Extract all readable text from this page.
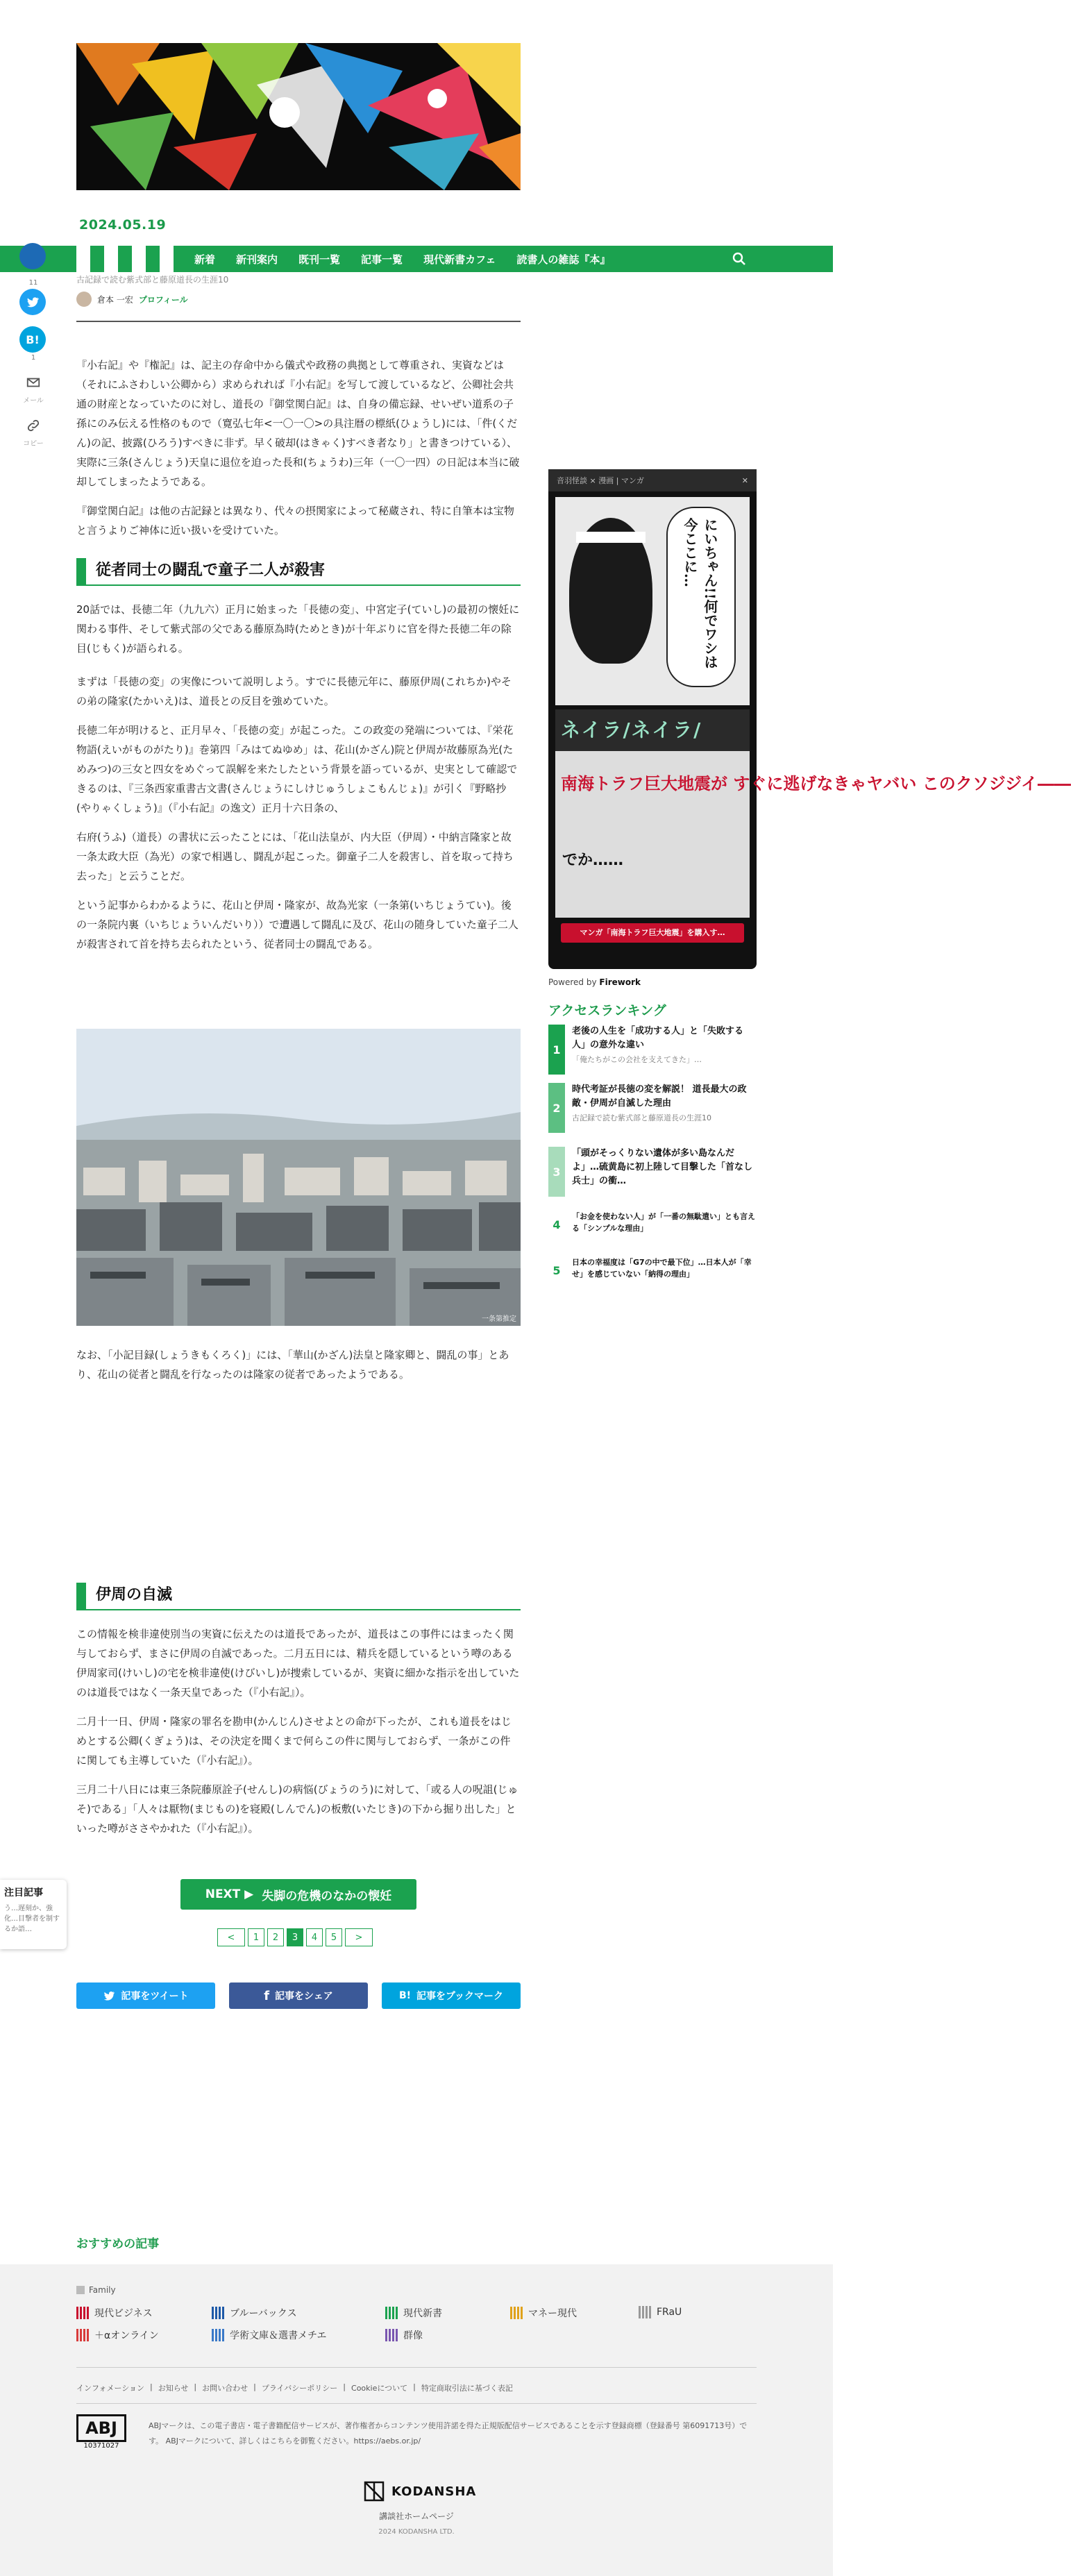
2024.05.19
新着 新刊案内 既刊一覧 記事一覧 現代新書カフェ 読書人の雑誌『本』
11
B!
1
メール
コピー
古記録で読む紫式部と藤原道長の生涯10
倉本 一宏 プロフィール

『小右記』や『権記』は、記主の存命中から儀式や政務の典拠として尊重され、実資などは（それにふさわしい公卿から）求められれば『小右記』を写して渡しているなど、公卿社会共通の財産となっていたのに対し、道長の『御堂関白記』は、自身の備忘録、せいぜい道系の子孫にのみ伝える性格のもので（寛弘七年<一〇一〇>の具注暦の標紙(ひょうし)には、「件(くだん)の記、披露(ひろう)すべきに非ず。早く破却(はきゃく)すべき者なり」と書きつけている）、実際に三条(さんじょう)天皇に退位を迫った長和(ちょうわ)三年（一〇一四）の日記は本当に破却してしまったようである。

『御堂関白記』は他の古記録とは異なり、代々の摂関家によって秘蔵され、特に自筆本は宝物と言うよりご神体に近い扱いを受けていた。

従者同士の闘乱で童子二人が殺害

20話では、長徳二年（九九六）正月に始まった「長徳の変」、中宮定子(ていし)の最初の懐妊に関わる事件、そして紫式部の父である藤原為時(ためとき)が十年ぶりに官を得た長徳二年の除目(じもく)が語られる。

まずは「長徳の変」の実像について説明しよう。すでに長徳元年に、藤原伊周(これちか)やその弟の隆家(たかいえ)は、道長との反目を強めていた。

長徳二年が明けると、正月早々、「長徳の変」が起こった。この政変の発端については、『栄花物語(えいがものがたり)』巻第四「みはてぬゆめ」は、花山(かざん)院と伊周が故藤原為光(ためみつ)の三女と四女をめぐって誤解を来たしたという背景を語っているが、史実として確認できるのは、『三条西家重書古文書(さんじょうにしけじゅうしょこもんじょ)』が引く『野略抄(やりゃくしょう)』（『小右記』の逸文）正月十六日条の、

右府(うふ)（道長）の書状に云ったことには、「花山法皇が、内大臣（伊周）・中納言隆家と故一条太政大臣（為光）の家で相遇し、闘乱が起こった。御童子二人を殺害し、首を取って持ち去った」と云うことだ。

という記事からわかるように、花山と伊周・隆家が、故為光家（一条第(いちじょうてい)。後の一条院内裏（いちじょういんだいり））で遭遇して闘乱に及び、花山の随身していた童子二人が殺害されて首を持ち去られたという、従者同士の闘乱である。

一条第推定

なお、「小記目録(しょうきもくろく)」には、「華山(かざん)法皇と隆家卿と、闘乱の事」とあり、花山の従者と闘乱を行なったのは隆家の従者であったようである。

伊周の自滅

この情報を検非違使別当の実資に伝えたのは道長であったが、道長はこの事件にはまったく関与しておらず、まさに伊周の自滅であった。二月五日には、精兵を隠しているという噂のある伊周家司(けいし)の宅を検非違使(けびいし)が捜索しているが、実資に細かな指示を出していたのは道長ではなく一条天皇であった（『小右記』）。

二月十一日、伊周・隆家の罪名を勘申(かんじん)させよとの命が下ったが、これも道長をはじめとする公卿(くぎょう)は、その決定を聞くまで何らこの件に関与しておらず、一条がこの件に関しても主導していた（『小右記』）。

三月二十八日には東三条院藤原詮子(せんし)の病悩(びょうのう)に対して、「或る人の呪詛(じゅそ)である」「人々は厭物(まじもの)を寝殿(しんでん)の板敷(いたじき)の下から掘り出した」といった噂がささやかれた（『小右記』）。

音羽怪談 × 漫画 | マンガ	✕
にいちゃん!!何でワシは今ここに…
ネイラ/ネイラ/
南海トラフ巨大地震が すぐに逃げなきゃヤバい このクソジジイ――
でか……
マンガ「南海トラフ巨大地震」を購入す…
Powered by Firework
アクセスランキング
1
老後の人生を「成功する人」と「失敗する人」の意外な違い
「俺たちがこの会社を支えてきた」…
2
時代考証が長徳の変を解説！ 道長最大の政敵・伊周が自滅した理由
古記録で読む紫式部と藤原道長の生涯10
3
「頭がそっくりない遺体が多い島なんだよ」…硫黄島に初上陸して目撃した「首なし兵士」の衝…
4
「お金を使わない人」が「一番の無駄遣い」とも言える「シンプルな理由」
5
日本の幸福度は「G7の中で最下位」…日本人が「幸せ」を感じていない「納得の理由」
注目記事
う…遅刻か、強化…目撃者を制するか語…
NEXT ▶ 失脚の危機のなかの懐妊
<	1	2	3	4	5	>
記事をツイート	f 記事をシェア	B! 記事をブックマーク
おすすめの記事
Family
現代ビジネス	ブルーバックス	現代新書	マネー現代	FRaU
＋αオンライン	学術文庫＆選書メチエ	群像
インフォメーション | お知らせ | お問い合わせ | プライバシーポリシー | Cookieについて | 特定商取引法に基づく表記
ABJ
10371027
ABJマークは、この電子書店・電子書籍配信サービスが、著作権者からコンテンツ使用許諾を得た正規版配信サービスであることを示す登録商標（登録番号 第6091713号）です。 ABJマークについて、詳しくはこちらを御覧ください。https://aebs.or.jp/
KODANSHA
講談社ホームページ
2024 KODANSHA LTD.
